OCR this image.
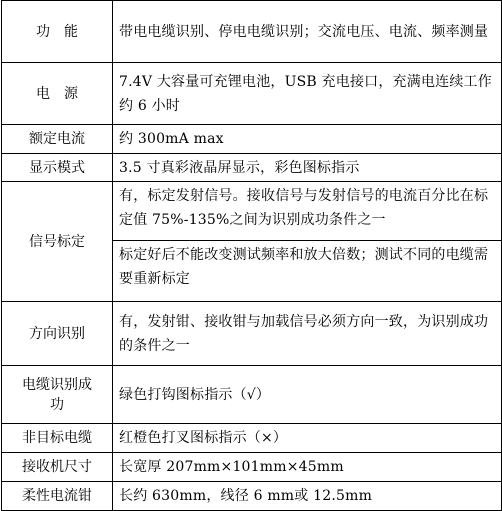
功　能	带电电缆识别、停电电缆识别；交流电压、电流、频率测量
电　源	7.4V 大容量可充锂电池，USB 充电接口，充满电连续工作约 6 小时
额定电流	约 300mA max
显示模式	3.5 寸真彩液晶屏显示，彩色图标指示
信号标定	有，标定发射信号。接收信号与发射信号的电流百分比在标定值 75%-135%之间为识别成功条件之一
标定好后不能改变测试频率和放大倍数；测试不同的电缆需要重新标定

方向识别	有，发射钳、接收钳与加载信号必须方向一致，为识别成功的条件之一
电缆识别成功	绿色打钩图标指示（√）
非目标电缆	红橙色打叉图标指示（×）
接收机尺寸	长宽厚 207mm×101mm×45mm
柔性电流钳	长约 630mm，线径 6 mm或 12.5mm
